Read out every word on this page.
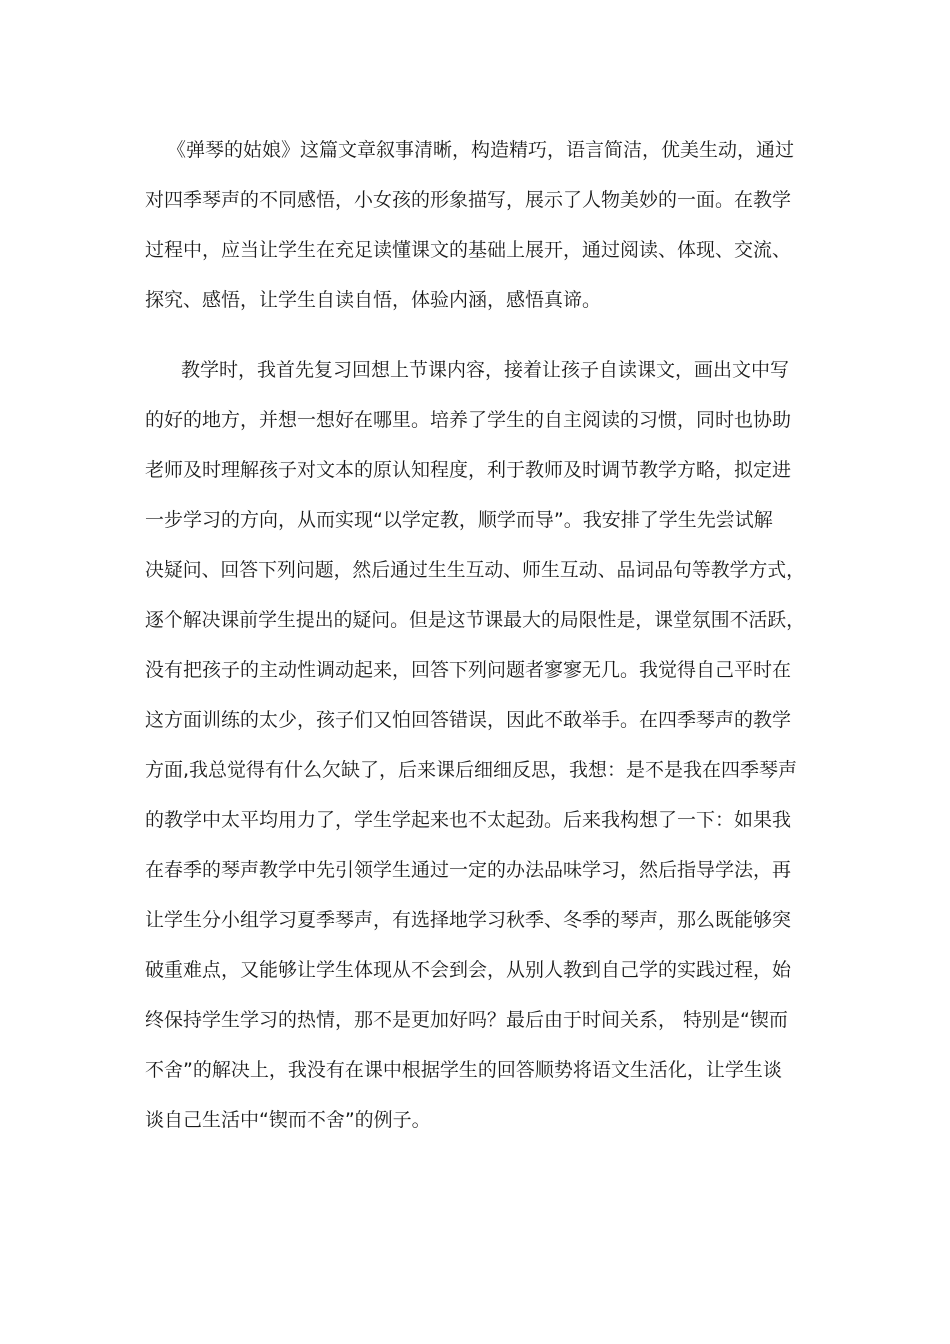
《弹琴的姑娘》这篇文章叙事清晰，构造精巧，语言简洁，优美生动，通过
对四季琴声的不同感悟，小女孩的形象描写，展示了人物美妙的一面。在教学
过程中，应当让学生在充足读懂课文的基础上展开，通过阅读、体现、交流、
探究、感悟，让学生自读自悟，体验内涵，感悟真谛。
教学时，我首先复习回想上节课内容，接着让孩子自读课文，画出文中写
的好的地方，并想一想好在哪里。培养了学生的自主阅读的习惯，同时也协助
老师及时理解孩子对文本的原认知程度，利于教师及时调节教学方略，拟定进
一步学习的方向，从而实现“以学定教，顺学而导”。我安排了学生先尝试解
决疑问、回答下列问题，然后通过生生互动、师生互动、品词品句等教学方式，
逐个解决课前学生提出的疑问。但是这节课最大的局限性是，课堂氛围不活跃，
没有把孩子的主动性调动起来，回答下列问题者寥寥无几。我觉得自己平时在
这方面训练的太少，孩子们又怕回答错误，因此不敢举手。在四季琴声的教学
方面,我总觉得有什么欠缺了，后来课后细细反思，我想：是不是我在四季琴声
的教学中太平均用力了，学生学起来也不太起劲。后来我构想了一下：如果我
在春季的琴声教学中先引领学生通过一定的办法品味学习，然后指导学法，再
让学生分小组学习夏季琴声，有选择地学习秋季、冬季的琴声，那么既能够突
破重难点，又能够让学生体现从不会到会，从别人教到自己学的实践过程，始
终保持学生学习的热情，那不是更加好吗？最后由于时间关系， 特别是“锲而
不舍”的解决上，我没有在课中根据学生的回答顺势将语文生活化，让学生谈
谈自己生活中“锲而不舍”的例子。
